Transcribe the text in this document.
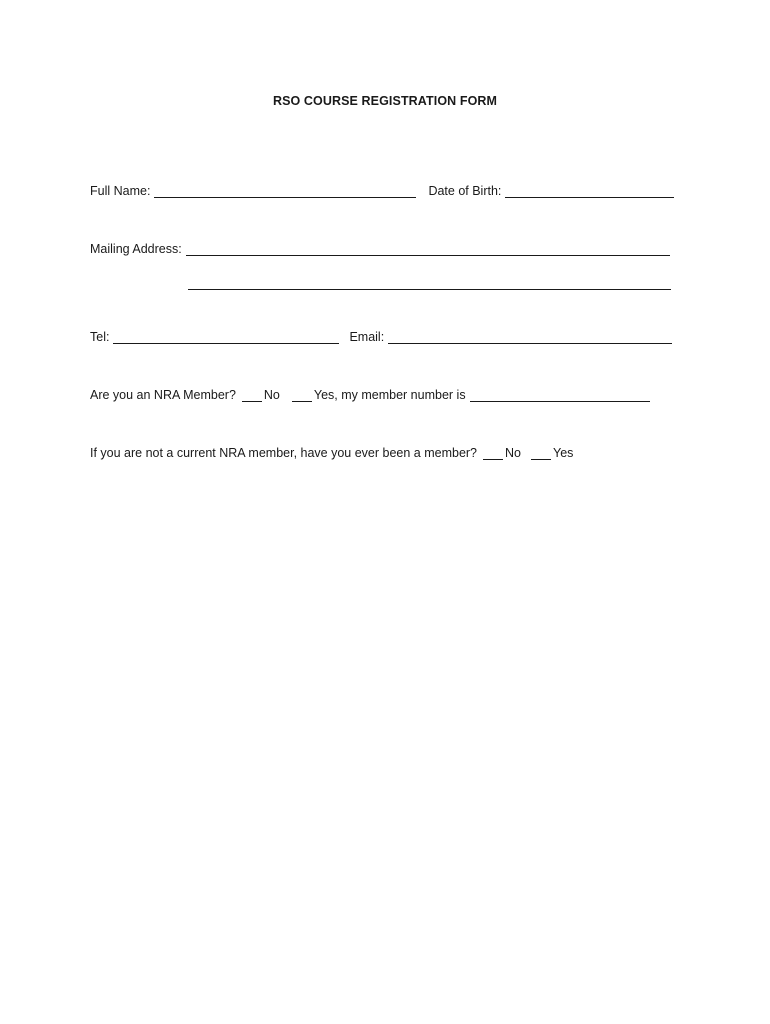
RSO COURSE REGISTRATION FORM
Full Name:	Date of Birth:
Mailing Address:
Tel:	Email:
Are you an NRA Member? No	Yes, my member number is
If you are not a current NRA member, have you ever been a member? No	Yes
